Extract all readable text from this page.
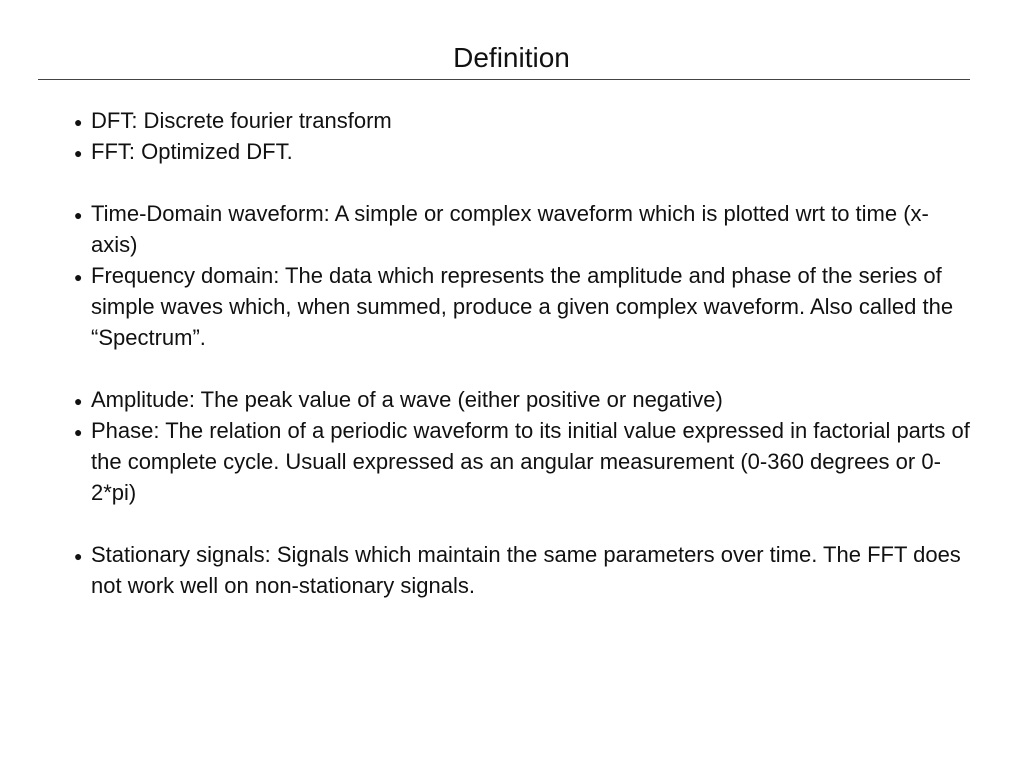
Definition
● DFT: Discrete fourier transform
● FFT: Optimized DFT.
● Time-Domain waveform: A simple or complex waveform which is plotted wrt to time (x-axis)
● Frequency domain: The data which represents the amplitude and phase of the series of simple waves which, when summed, produce a given complex waveform. Also called the “Spectrum”.
● Amplitude: The peak value of a wave (either positive or negative)
● Phase: The relation of a periodic waveform to its initial value expressed in factorial parts of the complete cycle. Usuall expressed as an angular measurement (0-360 degrees or 0-2*pi)
● Stationary signals: Signals which maintain the same parameters over time. The FFT does not work well on non-stationary signals.
